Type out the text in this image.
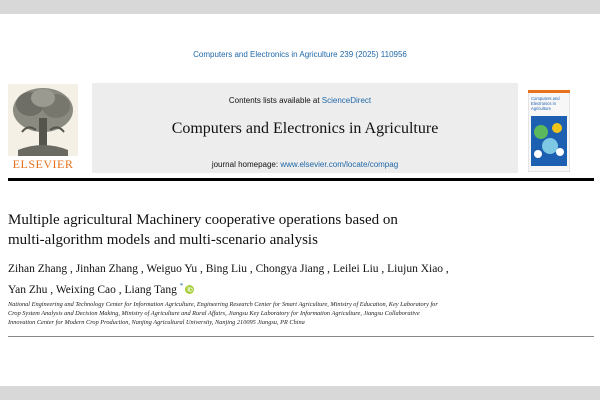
Computers and Electronics in Agriculture 239 (2025) 110956
ELSEVIER
Contents lists available at ScienceDirect
Computers and Electronics in Agriculture
journal homepage: www.elsevier.com/locate/compag
Computers and
Electronics in
Agriculture
Multiple agricultural Machinery cooperative operations based on
multi-algorithm models and multi-scenario analysis
Zihan Zhang , Jinhan Zhang , Weiguo Yu , Bing Liu , Chongya Jiang , Leilei Liu , Liujun Xiao ,
Yan Zhu , Weixing Cao , Liang Tang *
National Engineering and Technology Center for Information Agriculture, Engineering Research Center for Smart Agriculture, Ministry of Education, Key Laboratory for
Crop System Analysis and Decision Making, Ministry of Agriculture and Rural Affairs, Jiangsu Key Laboratory for Information Agriculture, Jiangsu Collaborative
Innovation Center for Modern Crop Production, Nanjing Agricultural University, Nanjing 210095 Jiangsu, PR China
